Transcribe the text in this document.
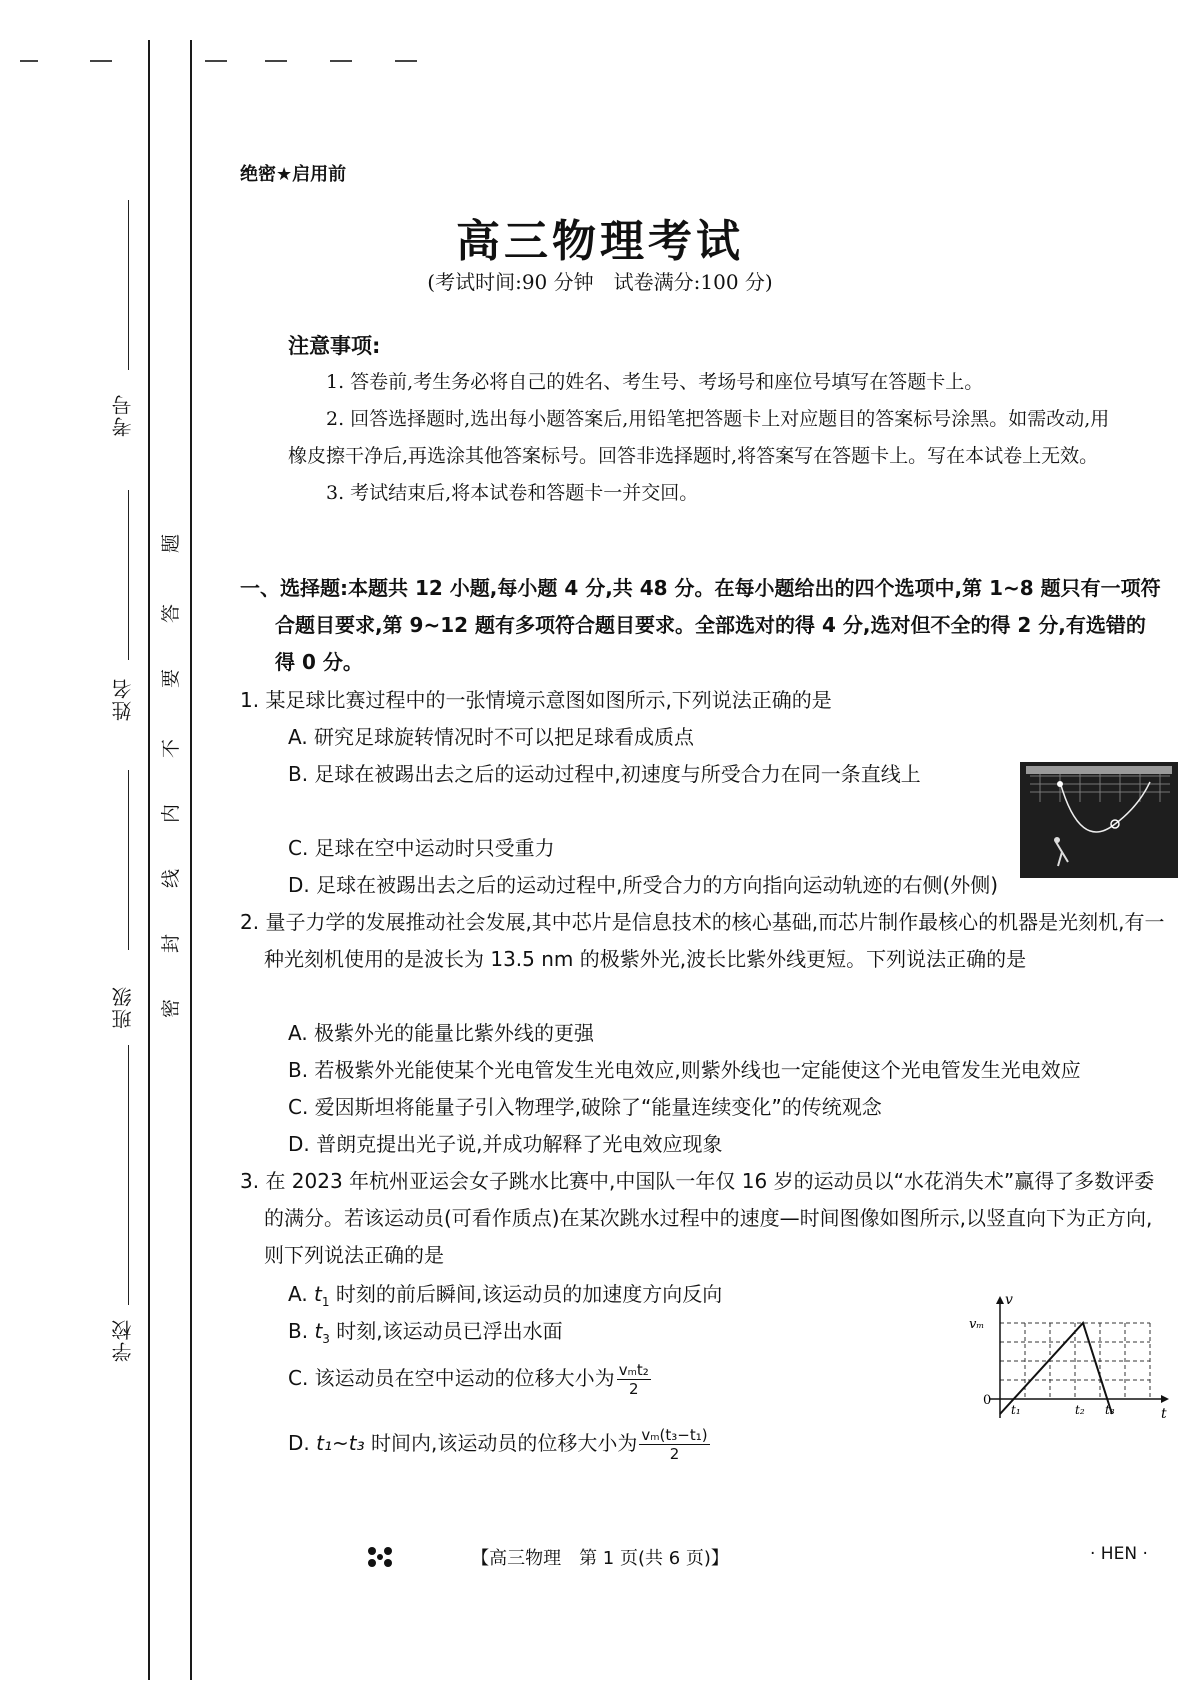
考号
姓名
班级
学校
题
答
要
不
内
线
封
密
绝密★启用前
高三物理考试
(考试时间:90 分钟　试卷满分:100 分)
注意事项:

1. 答卷前,考生务必将自己的姓名、考生号、考场号和座位号填写在答题卡上。

2. 回答选择题时,选出每小题答案后,用铅笔把答题卡上对应题目的答案标号涂黑。如需改动,用橡皮擦干净后,再选涂其他答案标号。回答非选择题时,将答案写在答题卡上。写在本试卷上无效。

3. 考试结束后,将本试卷和答题卡一并交回。

一、选择题:本题共 12 小题,每小题 4 分,共 48 分。在每小题给出的四个选项中,第 1~8 题只有一项符合题目要求,第 9~12 题有多项符合题目要求。全部选对的得 4 分,选对但不全的得 2 分,有选错的得 0 分。
1. 某足球比赛过程中的一张情境示意图如图所示,下列说法正确的是
A. 研究足球旋转情况时不可以把足球看成质点
B. 足球在被踢出去之后的运动过程中,初速度与所受合力在同一条直线上
C. 足球在空中运动时只受重力
D. 足球在被踢出去之后的运动过程中,所受合力的方向指向运动轨迹的右侧(外侧)
2. 量子力学的发展推动社会发展,其中芯片是信息技术的核心基础,而芯片制作最核心的机器是光刻机,有一种光刻机使用的是波长为 13.5 nm 的极紫外光,波长比紫外线更短。下列说法正确的是
A. 极紫外光的能量比紫外线的更强
B. 若极紫外光能使某个光电管发生光电效应,则紫外线也一定能使这个光电管发生光电效应
C. 爱因斯坦将能量子引入物理学,破除了“能量连续变化”的传统观念
D. 普朗克提出光子说,并成功解释了光电效应现象
3. 在 2023 年杭州亚运会女子跳水比赛中,中国队一年仅 16 岁的运动员以“水花消失术”赢得了多数评委的满分。若该运动员(可看作质点)在某次跳水过程中的速度—时间图像如图所示,以竖直向下为正方向,则下列说法正确的是
A. $t_1$ 时刻的前后瞬间,该运动员的加速度方向反向
B. $t_3$ 时刻,该运动员已浮出水面
C. 该运动员在空中运动的位移大小为 $\frac{\text{vₘt₂}}{2}$
D. t₁~t₃ 时间内,该运动员的位移大小为 $\frac{\text{vₘ(t₃−t₁)}}{2}$
v
vₘ
0
t₁	t₂ t₃	t
【高三物理　第 1 页(共 6 页)】	· HEN ·
